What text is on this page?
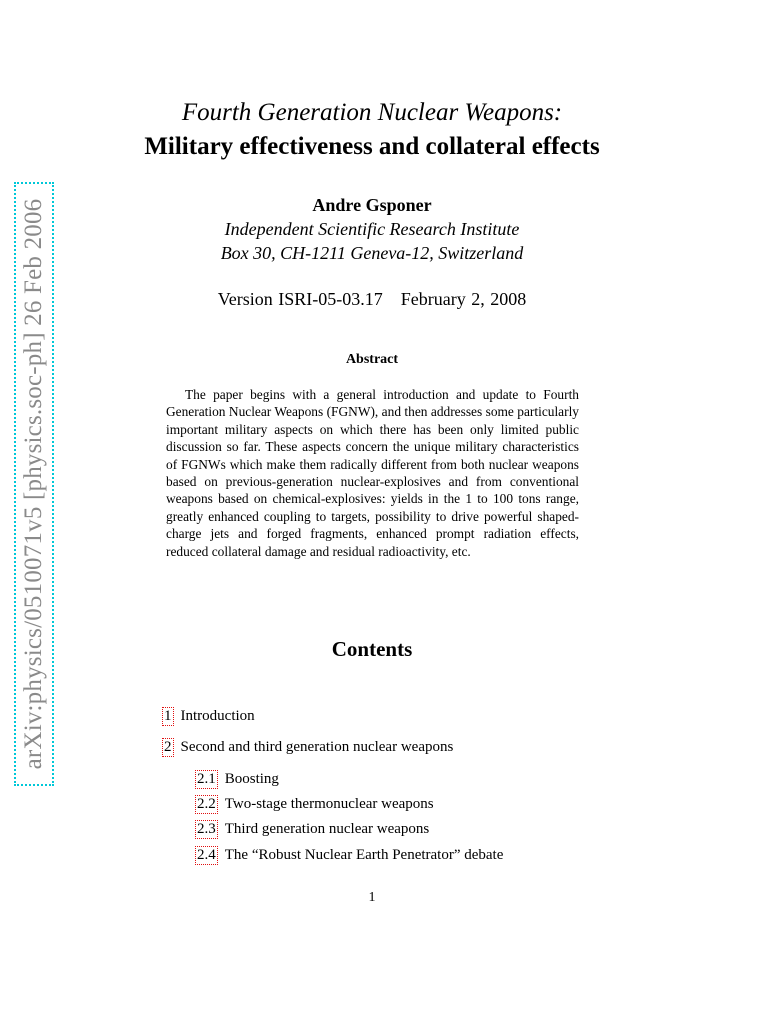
arXiv:physics/0510071v5 [physics.soc-ph] 26 Feb 2006
Fourth Generation Nuclear Weapons:
Military effectiveness and collateral effects
Andre Gsponer
Independent Scientific Research Institute
Box 30, CH-1211 Geneva-12, Switzerland
Version ISRI-05-03.17 February 2, 2008
Abstract
The paper begins with a general introduction and update to Fourth Generation Nuclear Weapons (FGNW), and then addresses some particularly important military aspects on which there has been only limited public discussion so far. These aspects concern the unique military characteristics of FGNWs which make them radically different from both nuclear weapons based on previous-generation nuclear-explosives and from conventional weapons based on chemical-explosives: yields in the 1 to 100 tons range, greatly enhanced coupling to targets, possibility to drive powerful shaped-charge jets and forged fragments, enhanced prompt radiation effects, reduced collateral damage and residual radioactivity, etc.
Contents
1 Introduction
2 Second and third generation nuclear weapons
2.1 Boosting
2.2 Two-stage thermonuclear weapons
2.3 Third generation nuclear weapons
2.4 The “Robust Nuclear Earth Penetrator” debate
1
